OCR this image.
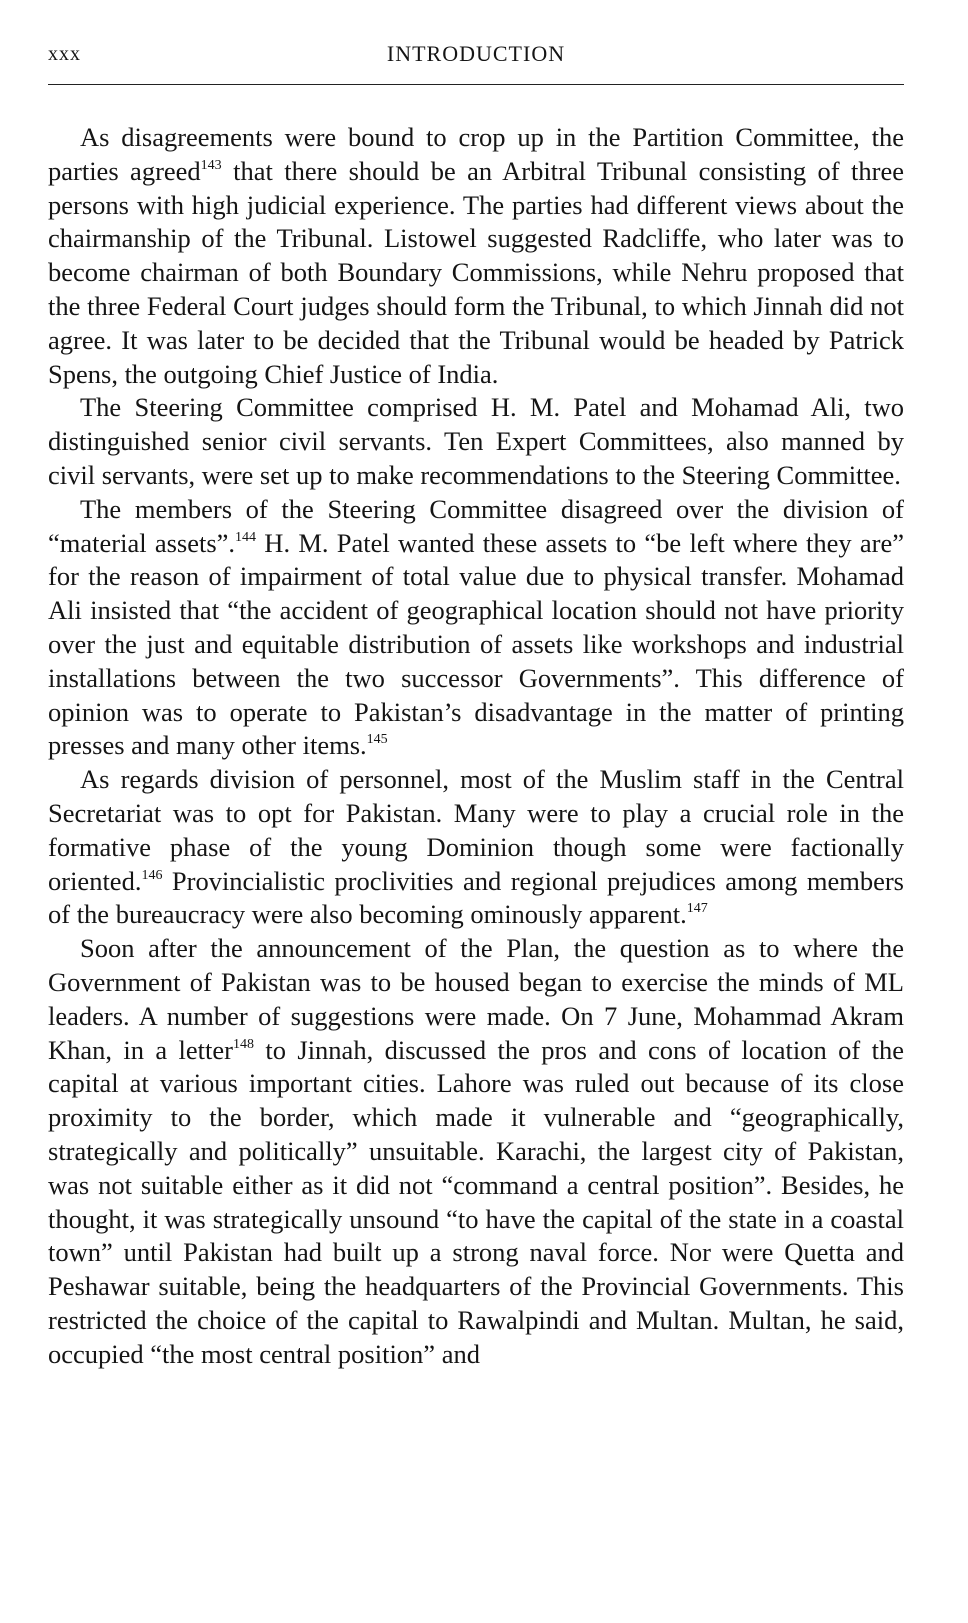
xxx	INTRODUCTION

As disagreements were bound to crop up in the Partition Committee, the parties agreed$^{143}$ that there should be an Arbitral Tribunal consisting of three persons with high judicial experience. The parties had different views about the chairmanship of the Tribunal. Listowel suggested Radcliffe, who later was to become chairman of both Boundary Commissions, while Nehru proposed that the three Federal Court judges should form the Tribunal, to which Jinnah did not agree. It was later to be decided that the Tribunal would be headed by Patrick Spens, the outgoing Chief Justice of India.

The Steering Committee comprised H. M. Patel and Mohamad Ali, two distinguished senior civil servants. Ten Expert Committees, also manned by civil servants, were set up to make recommendations to the Steering Committee.

The members of the Steering Committee disagreed over the division of “material assets”.$^{144}$ H. M. Patel wanted these assets to “be left where they are” for the reason of impairment of total value due to physical transfer. Mohamad Ali insisted that “the accident of geographical location should not have priority over the just and equitable distribution of assets like workshops and industrial installations between the two successor Governments”. This difference of opinion was to operate to Pakistan’s disadvantage in the matter of printing presses and many other items.$^{145}$

As regards division of personnel, most of the Muslim staff in the Central Secretariat was to opt for Pakistan. Many were to play a crucial role in the formative phase of the young Dominion though some were factionally oriented.$^{146}$ Provincialistic proclivities and regional prejudices among members of the bureaucracy were also becoming ominously apparent.$^{147}$

Soon after the announcement of the Plan, the question as to where the Government of Pakistan was to be housed began to exercise the minds of ML leaders. A number of suggestions were made. On 7 June, Mohammad Akram Khan, in a letter$^{148}$ to Jinnah, discussed the pros and cons of location of the capital at various important cities. Lahore was ruled out because of its close proximity to the border, which made it vulnerable and “geographically, strategically and politically” unsuitable. Karachi, the largest city of Pakistan, was not suitable either as it did not “command a central position”. Besides, he thought, it was strategically unsound “to have the capital of the state in a coastal town” until Pakistan had built up a strong naval force. Nor were Quetta and Peshawar suitable, being the headquarters of the Provincial Governments. This restricted the choice of the capital to Rawalpindi and Multan. Multan, he said, occupied “the most central position” and
